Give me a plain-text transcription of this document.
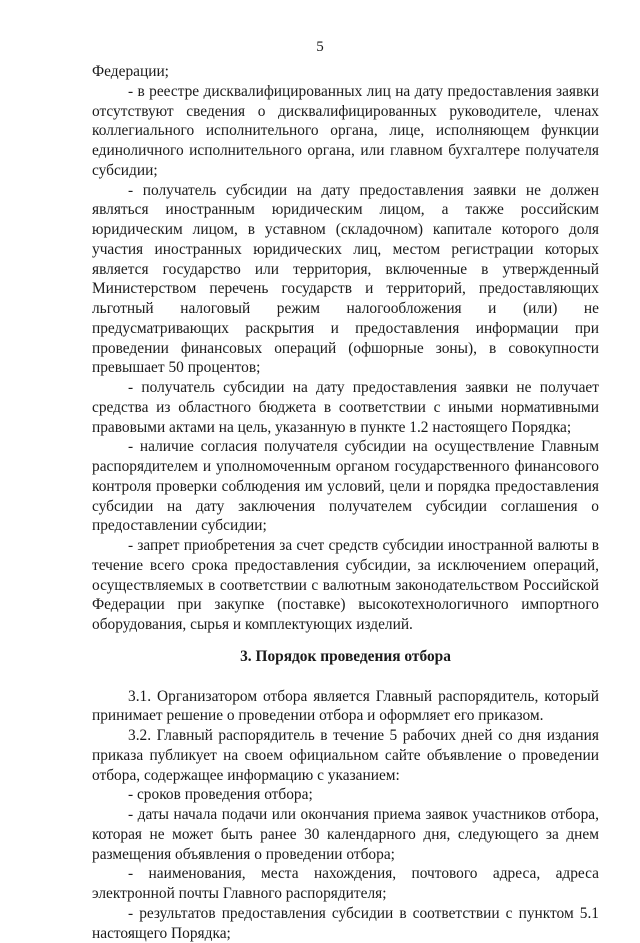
5

Федерации;

- в реестре дисквалифицированных лиц на дату предоставления заявки отсутствуют сведения о дисквалифицированных руководителе, членах коллегиального исполнительного органа, лице, исполняющем функции единоличного исполнительного органа, или главном бухгалтере получателя субсидии;

- получатель субсидии на дату предоставления заявки не должен являться иностранным юридическим лицом, а также российским юридическим лицом, в уставном (складочном) капитале которого доля участия иностранных юридических лиц, местом регистрации которых является государство или территория, включенные в утвержденный Министерством перечень государств и территорий, предоставляющих льготный налоговый режим налогообложения и (или) не предусматривающих раскрытия и предоставления информации при проведении финансовых операций (офшорные зоны), в совокупности превышает 50 процентов;

- получатель субсидии на дату предоставления заявки не получает средства из областного бюджета в соответствии с иными нормативными правовыми актами на цель, указанную в пункте 1.2 настоящего Порядка;

- наличие согласия получателя субсидии на осуществление Главным распорядителем и уполномоченным органом государственного финансового контроля проверки соблюдения им условий, цели и порядка предоставления субсидии на дату заключения получателем субсидии соглашения о предоставлении субсидии;

- запрет приобретения за счет средств субсидии иностранной валюты в течение всего срока предоставления субсидии, за исключением операций, осуществляемых в соответствии с валютным законодательством Российской Федерации при закупке (поставке) высокотехнологичного импортного оборудования, сырья и комплектующих изделий.

3. Порядок проведения отбора

3.1. Организатором отбора является Главный распорядитель, который принимает решение о проведении отбора и оформляет его приказом.

3.2. Главный распорядитель в течение 5 рабочих дней со дня издания приказа публикует на своем официальном сайте объявление о проведении отбора, содержащее информацию с указанием:

- сроков проведения отбора;

- даты начала подачи или окончания приема заявок участников отбора, которая не может быть ранее 30 календарного дня, следующего за днем размещения объявления о проведении отбора;

- наименования, места нахождения, почтового адреса, адреса электронной почты Главного распорядителя;

- результатов предоставления субсидии в соответствии с пунктом 5.1 настоящего Порядка;
